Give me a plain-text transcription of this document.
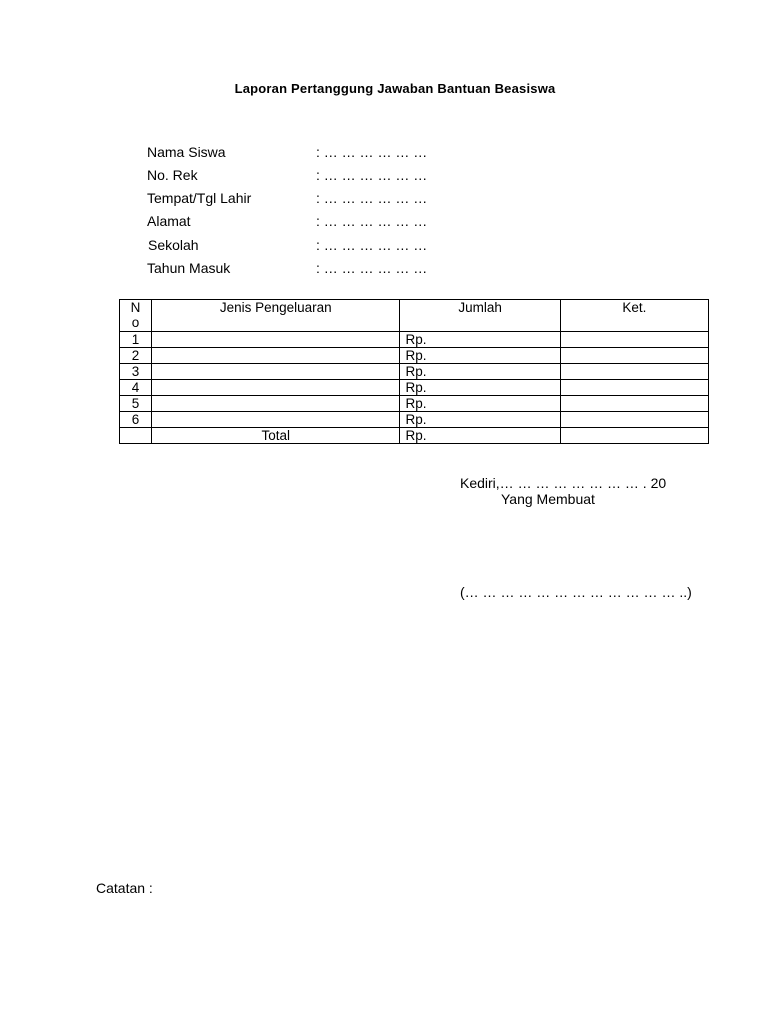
Laporan Pertanggung Jawaban Bantuan Beasiswa
Nama Siswa	: … … … … … …
No. Rek	: … … … … … …
Tempat/Tgl Lahir	: … … … … … …
Alamat	: … … … … … …
Sekolah	: … … … … … …
Tahun Masuk	: … … … … … …
No	Jenis Pengeluaran	Jumlah	Ket.
1		Rp.	
2		Rp.	
3		Rp.	
4		Rp.	
5		Rp.	
6		Rp.	
	Total	Rp.	
Kediri,… … … … … … … … . 20
Yang Membuat
(… … … … … … … … … … … … ..)
Catatan :
